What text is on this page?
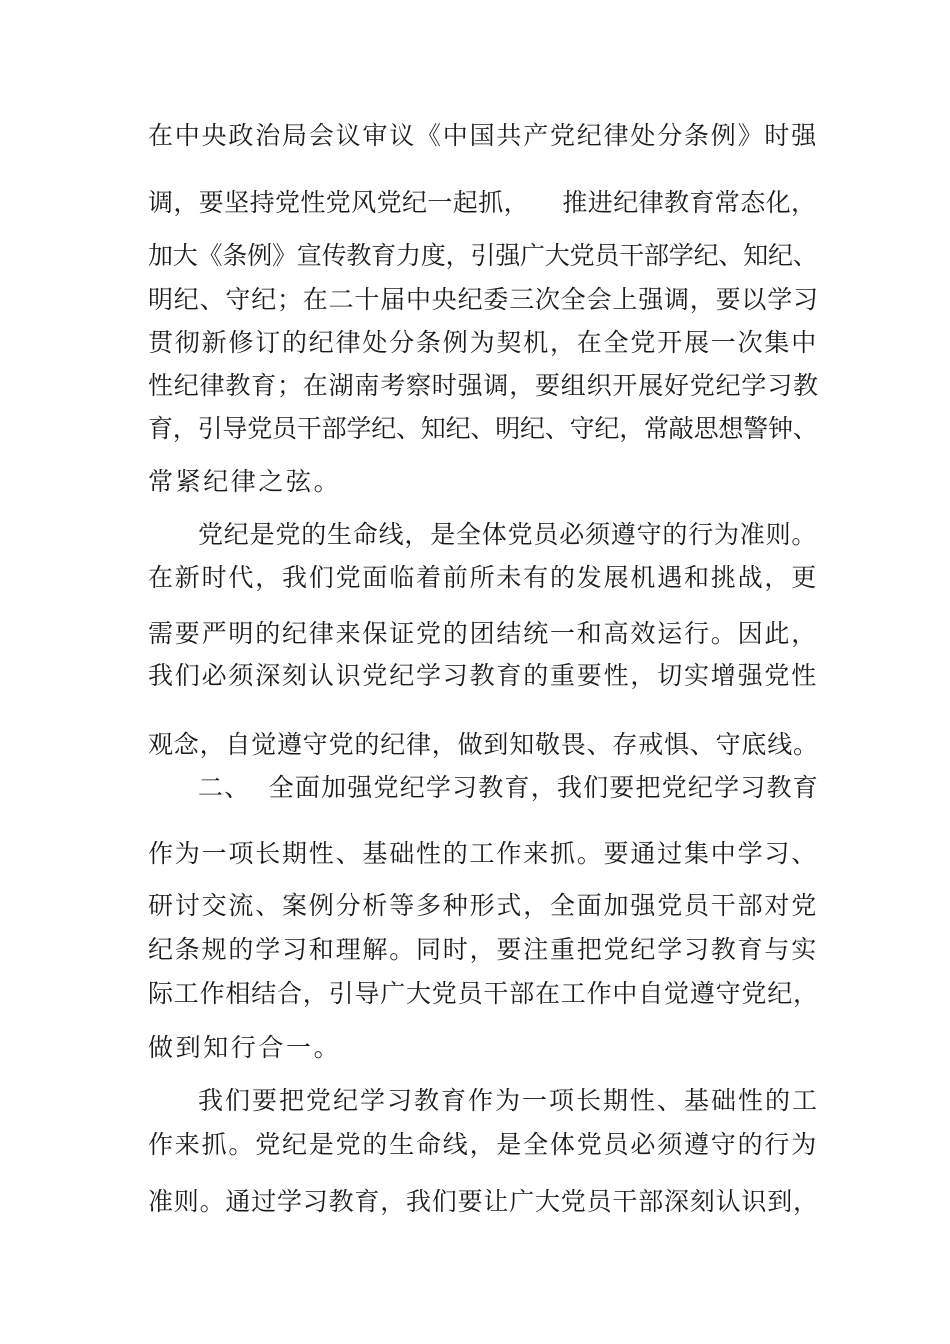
在中央政治局会议审议《中国共产党纪律处分条例》时强
调，要坚持党性党风党纪一起抓，    推进纪律教育常态化，
加大《条例》宣传教育力度，引强广大党员干部学纪、知纪、
明纪、守纪；在二十届中央纪委三次全会上强调，要以学习
贯彻新修订的纪律处分条例为契机，在全党开展一次集中
性纪律教育；在湖南考察时强调，要组织开展好党纪学习教
育，引导党员干部学纪、知纪、明纪、守纪，常敲思想警钟、
常紧纪律之弦。
党纪是党的生命线，是全体党员必须遵守的行为准则。
在新时代，我们党面临着前所未有的发展机遇和挑战，更
需要严明的纪律来保证党的团结统一和高效运行。因此，
我们必须深刻认识党纪学习教育的重要性，切实增强党性
观念，自觉遵守党的纪律，做到知敬畏、存戒惧、守底线。
二、  全面加强党纪学习教育，我们要把党纪学习教育
作为一项长期性、基础性的工作来抓。要通过集中学习、
研讨交流、案例分析等多种形式，全面加强党员干部对党
纪条规的学习和理解。同时，要注重把党纪学习教育与实
际工作相结合，引导广大党员干部在工作中自觉遵守党纪，
做到知行合一。
我们要把党纪学习教育作为一项长期性、基础性的工
作来抓。党纪是党的生命线，是全体党员必须遵守的行为
准则。通过学习教育，我们要让广大党员干部深刻认识到，
